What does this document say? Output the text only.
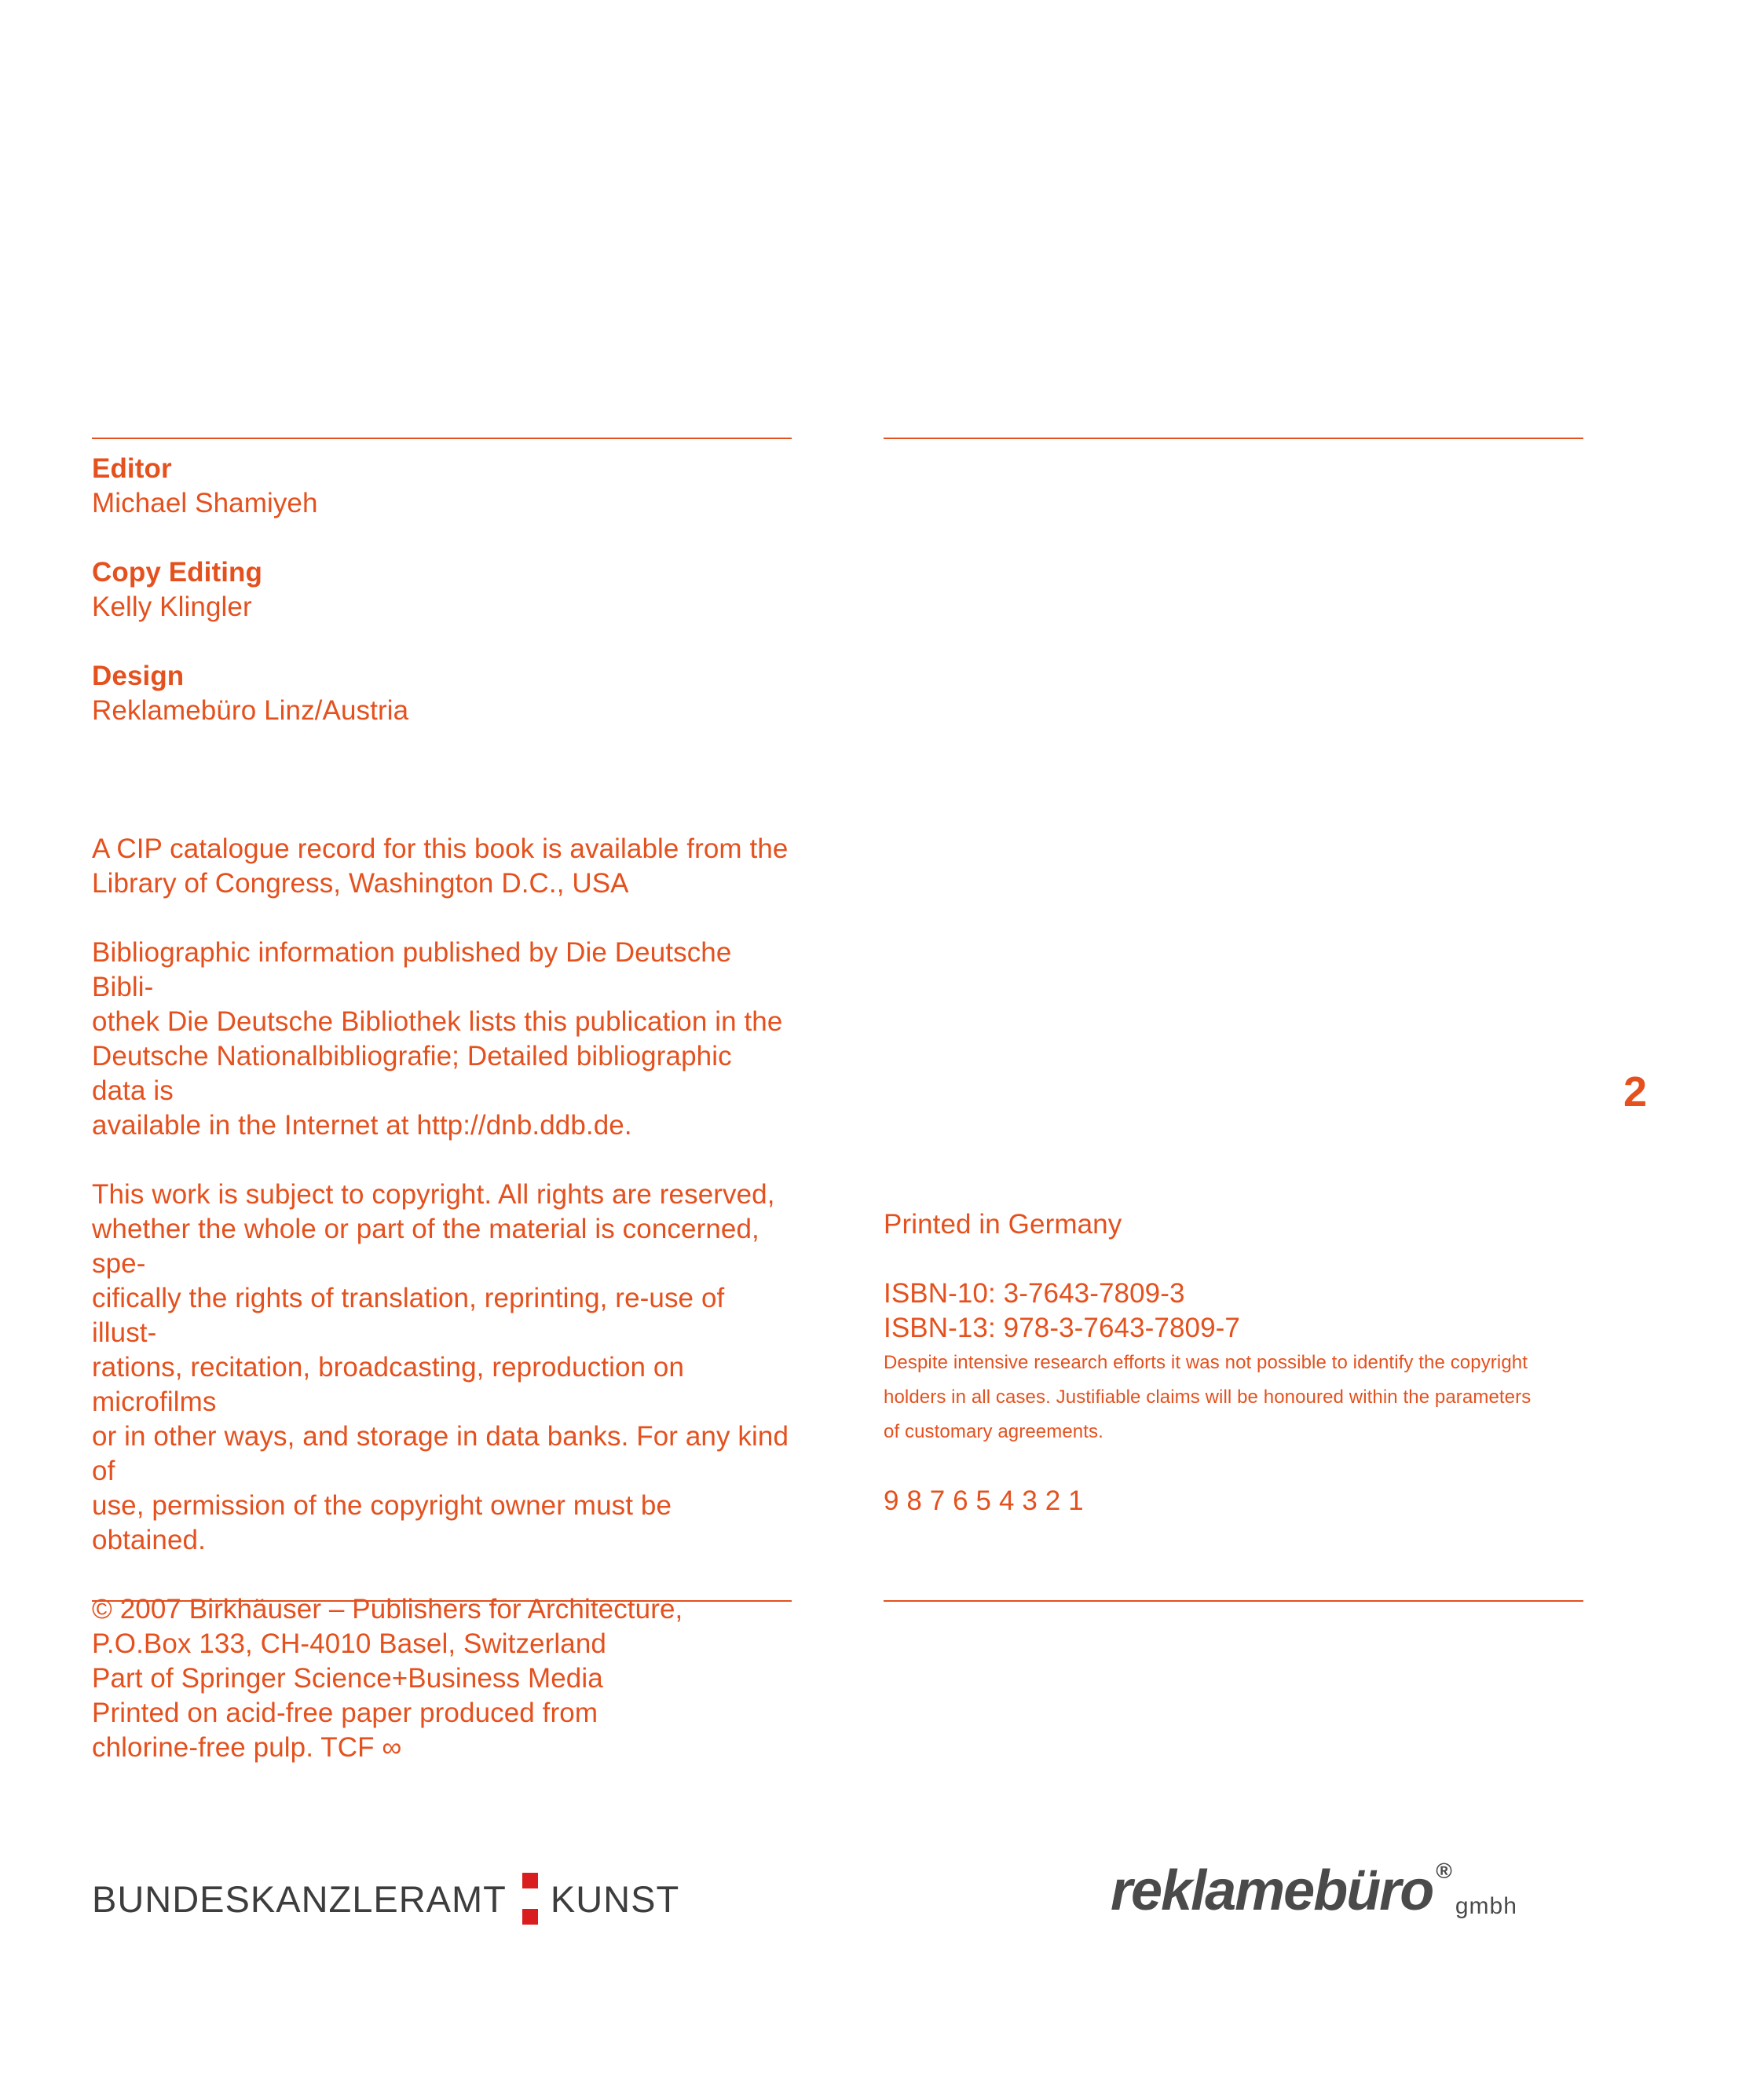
Editor

Michael Shamiyeh

Copy Editing

Kelly Klingler

Design

Reklamebüro Linz/Austria

A CIP catalogue record for this book is available from the

Library of Congress, Washington D.C., USA

Bibliographic information published by Die Deutsche Bibli-

othek Die Deutsche Bibliothek lists this publication in the

Deutsche Nationalbibliografie; Detailed bibliographic data is

available in the Internet at http://dnb.ddb.de.

This work is subject to copyright. All rights are reserved,

whether the whole or part of the material is concerned, spe-

cifically the rights of translation, reprinting, re-use of illust-

rations, recitation, broadcasting, reproduction on microfilms

or in other ways, and storage in data banks. For any kind of

use, permission of the copyright owner must be obtained.

© 2007 Birkhäuser – Publishers for Architecture,

P.O.Box 133, CH-4010 Basel, Switzerland

Part of Springer Science+Business Media

Printed on acid-free paper produced from

chlorine-free pulp. TCF ∞

Printed in Germany

ISBN-10: 3-7643-7809-3

ISBN-13: 978-3-7643-7809-7

Despite intensive research efforts it was not possible to identify the copyright

holders in all cases. Justifiable claims will be honoured within the parameters

of customary agreements.

9 8 7 6 5 4 3 2 1

2
BUNDESKANZLERAMT KUNST	reklamebüro ®
gmbh
